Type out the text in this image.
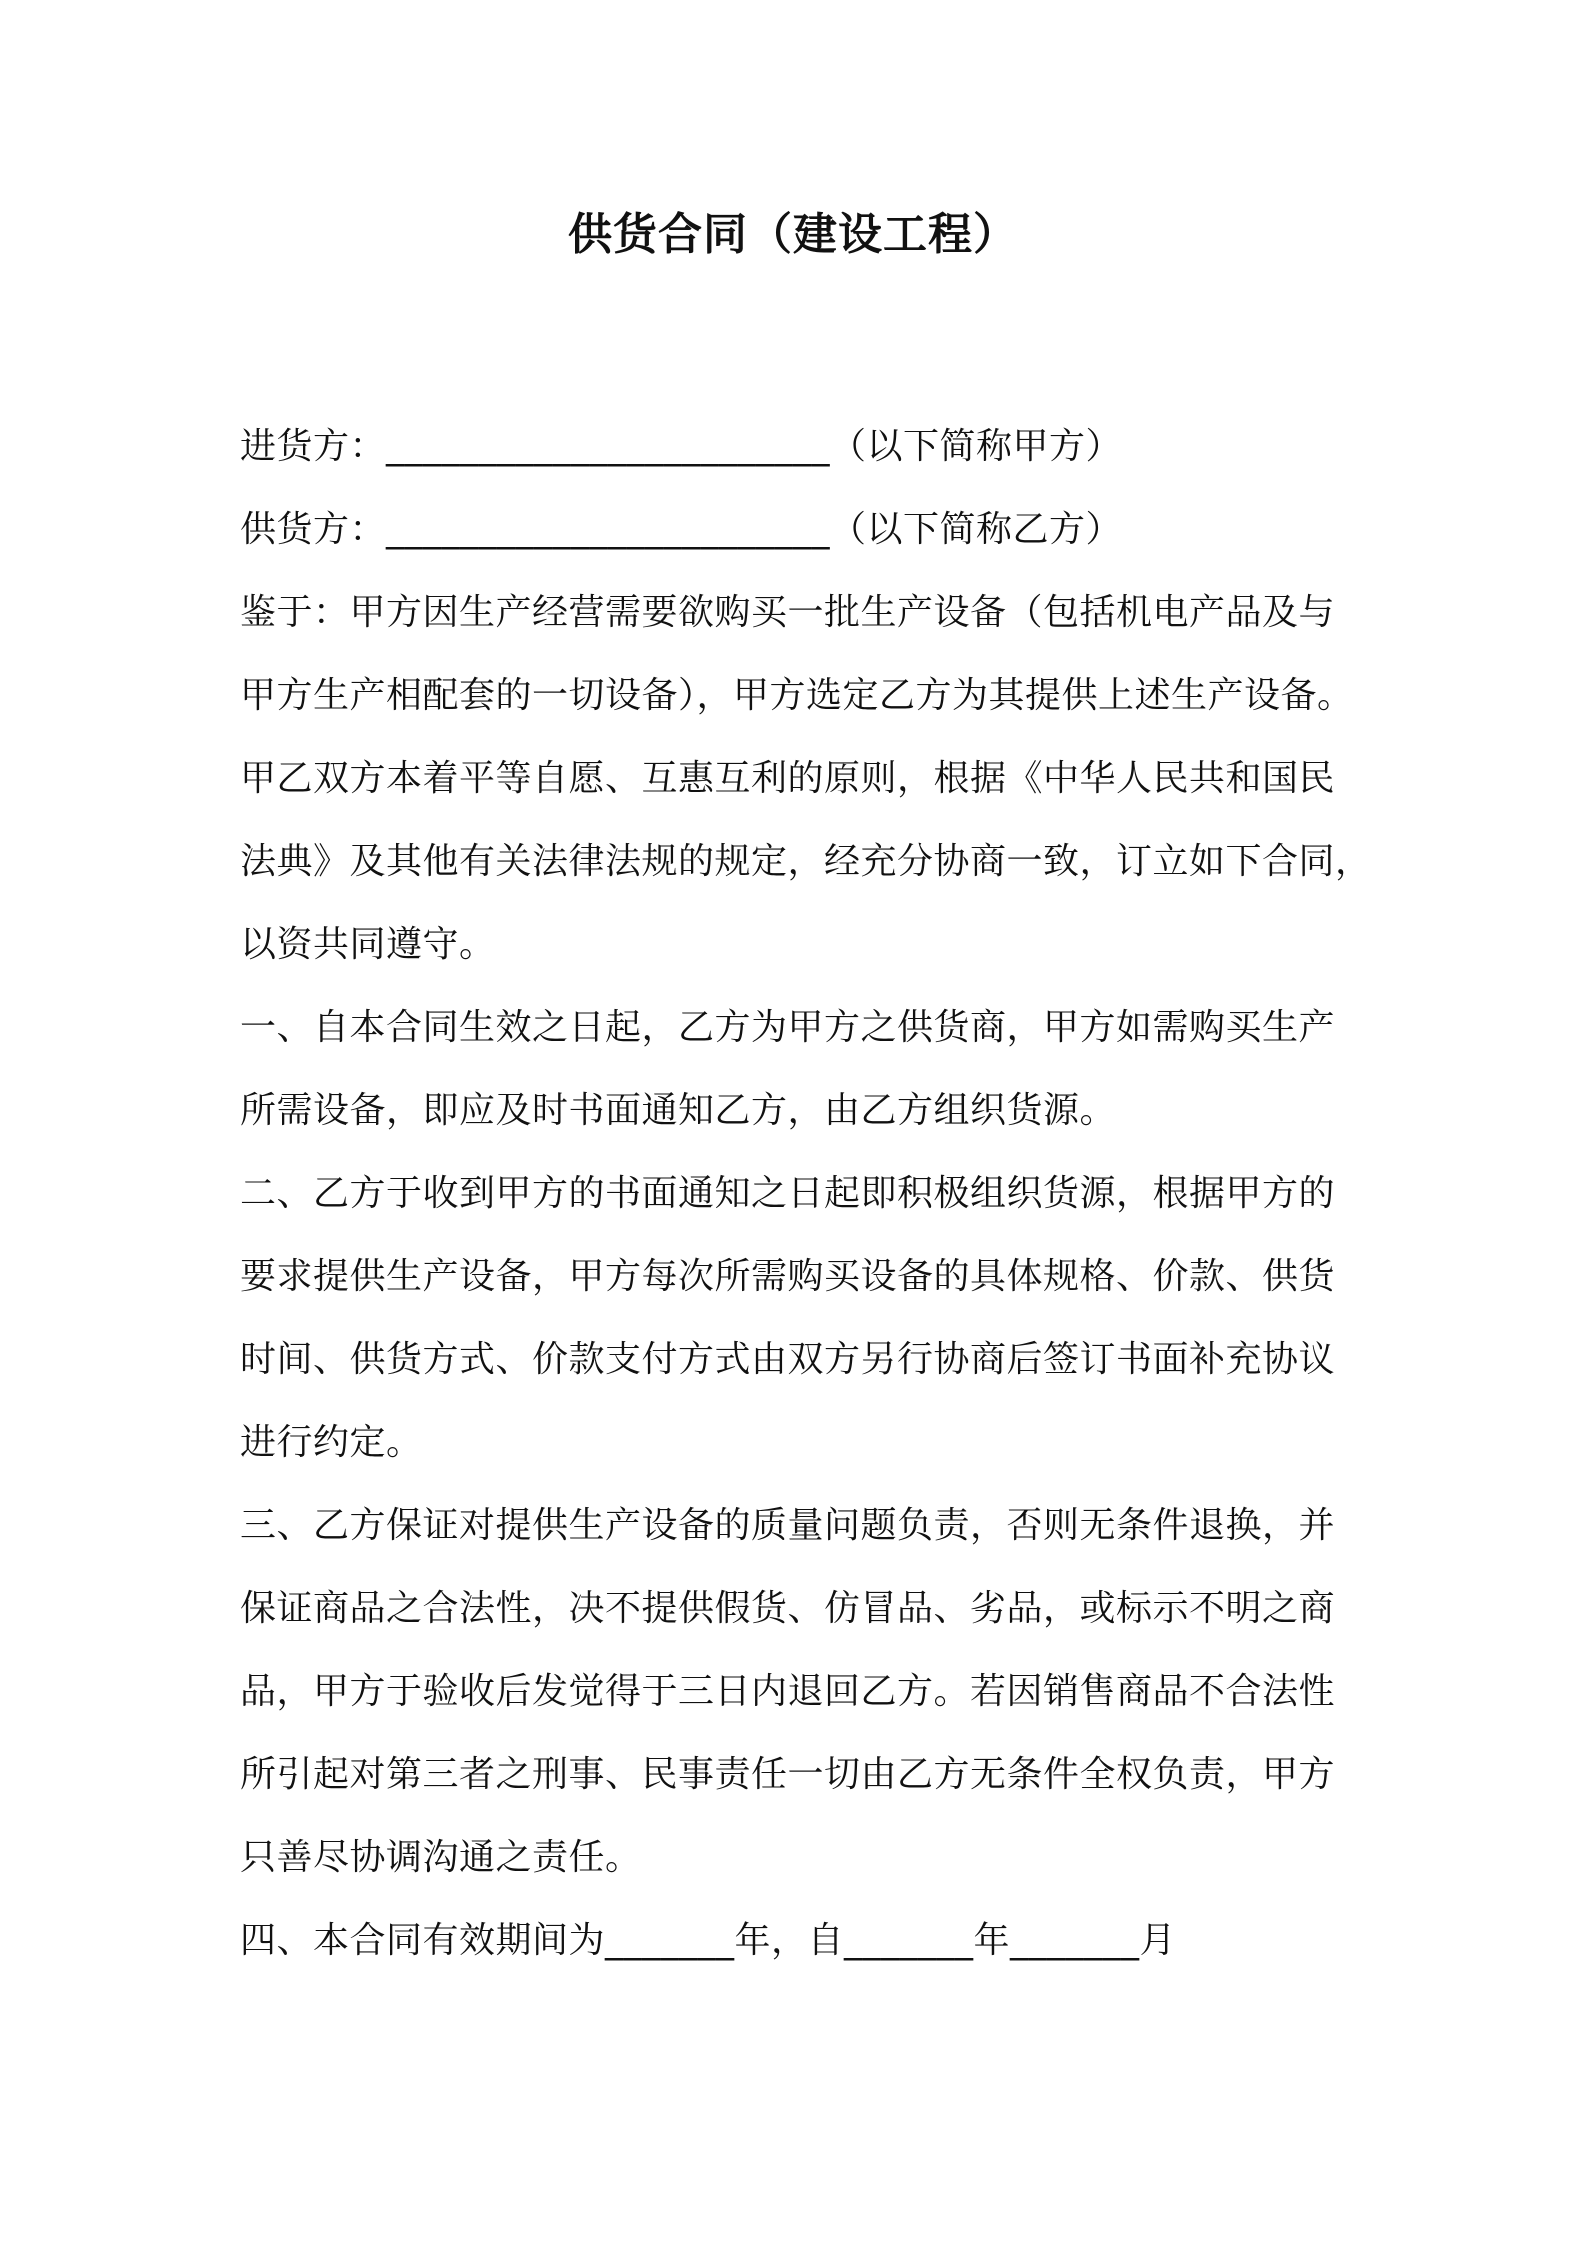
供货合同（建设工程）
进货方：________________________（以下简称甲方）
供货方：________________________（以下简称乙方）
鉴于：甲方因生产经营需要欲购买一批生产设备（包括机电产品及与
甲方生产相配套的一切设备），甲方选定乙方为其提供上述生产设备。
甲乙双方本着平等自愿、互惠互利的原则，根据《中华人民共和国民
法典》及其他有关法律法规的规定，经充分协商一致，订立如下合同，
以资共同遵守。
一、自本合同生效之日起，乙方为甲方之供货商，甲方如需购买生产
所需设备，即应及时书面通知乙方，由乙方组织货源。
二、乙方于收到甲方的书面通知之日起即积极组织货源，根据甲方的
要求提供生产设备，甲方每次所需购买设备的具体规格、价款、供货
时间、供货方式、价款支付方式由双方另行协商后签订书面补充协议
进行约定。
三、乙方保证对提供生产设备的质量问题负责，否则无条件退换，并
保证商品之合法性，决不提供假货、仿冒品、劣品，或标示不明之商
品，甲方于验收后发觉得于三日内退回乙方。若因销售商品不合法性
所引起对第三者之刑事、民事责任一切由乙方无条件全权负责，甲方
只善尽协调沟通之责任。
四、本合同有效期间为_______年，自_______年_______月
